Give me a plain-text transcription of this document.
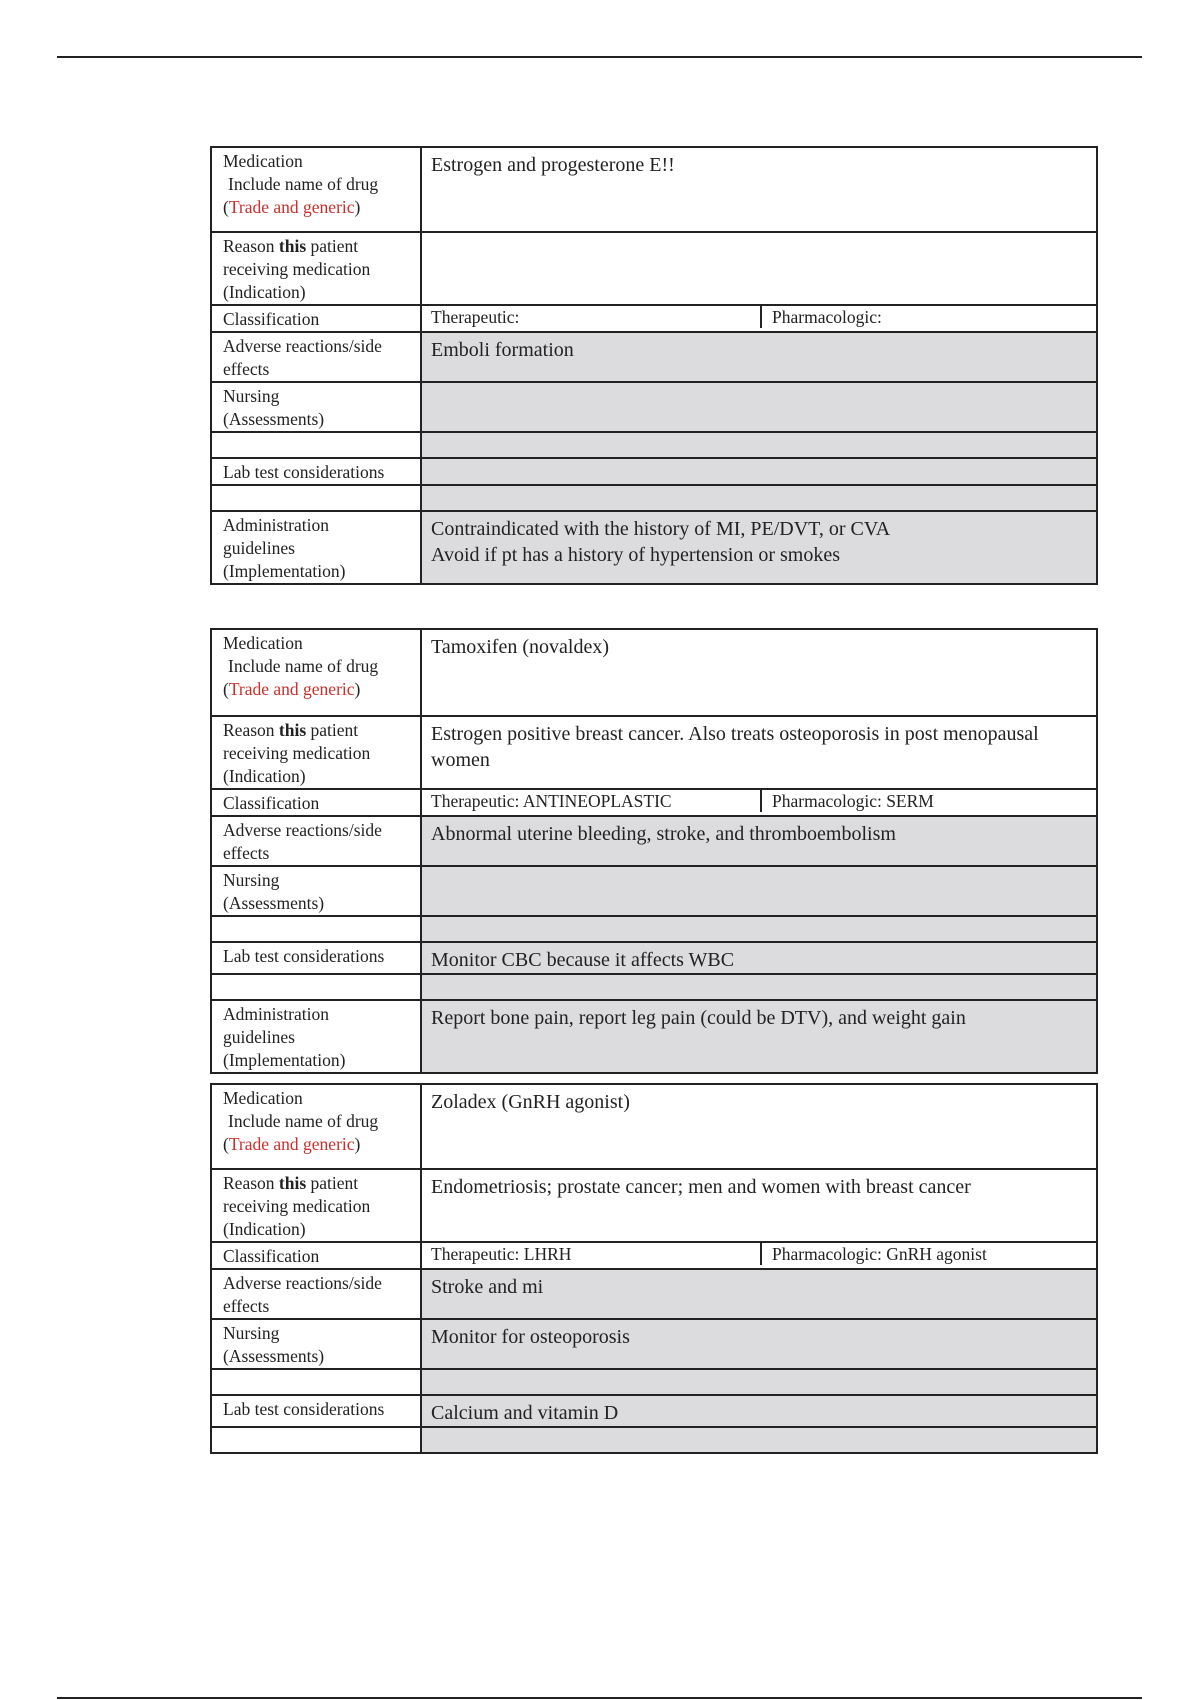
Medication
Include name of drug
(Trade and generic)	Estrogen and progesterone E!!

Reason this patient
receiving medication
(Indication)	

Classification	Therapeutic: Pharmacologic:

Adverse reactions/side
effects	Emboli formation

Nursing
(Assessments)	

Lab test considerations	

Administration
guidelines
(Implementation)	Contraindicated with the history of MI, PE/DVT, or CVA
Avoid if pt has a history of hypertension or smokes
Medication
Include name of drug
(Trade and generic)	Tamoxifen (novaldex)

Reason this patient
receiving medication
(Indication)	Estrogen positive breast cancer. Also treats osteoporosis in post menopausal women
Classification	Therapeutic: ANTINEOPLASTIC Pharmacologic: SERM

Adverse reactions/side
effects	Abnormal uterine bleeding, stroke, and thromboembolism

Nursing
(Assessments)	

Lab test considerations	Monitor CBC because it affects WBC

Administration
guidelines
(Implementation)	Report bone pain, report leg pain (could be DTV), and weight gain
Medication
Include name of drug
(Trade and generic)	Zoladex (GnRH agonist)

Reason this patient
receiving medication
(Indication)	Endometriosis; prostate cancer; men and women with breast cancer
Classification	Therapeutic: LHRH Pharmacologic: GnRH agonist

Adverse reactions/side
effects	Stroke and mi

Nursing
(Assessments)	Monitor for osteoporosis

Lab test considerations	Calcium and vitamin D
